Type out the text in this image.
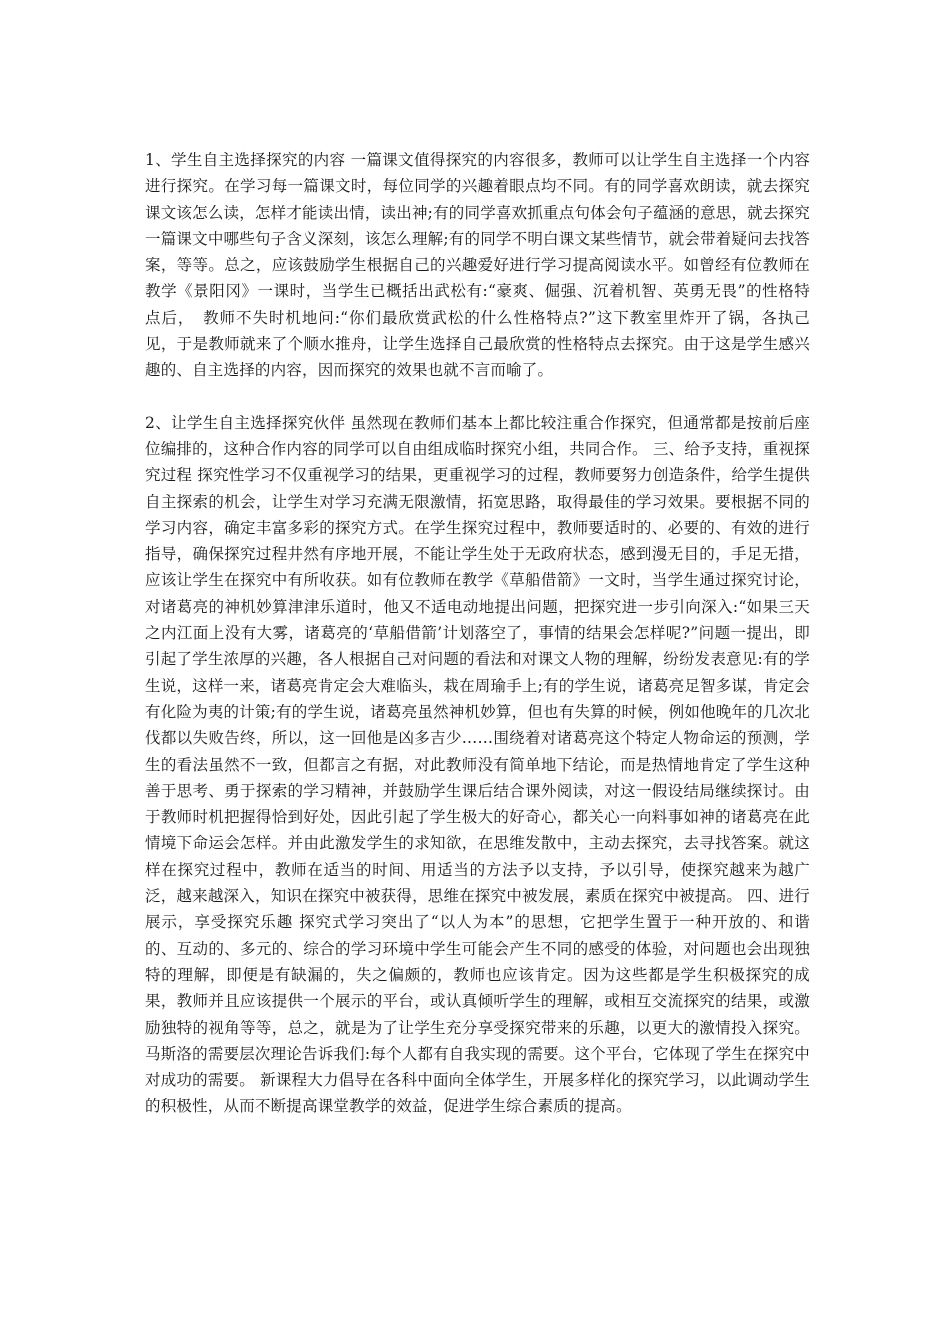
1、学生自主选择探究的内容 一篇课文值得探究的内容很多，教师可以让学生自主选择一个内容进行探究。在学习每一篇课文时，每位同学的兴趣着眼点均不同。有的同学喜欢朗读，就去探究课文该怎么读，怎样才能读出情，读出神;有的同学喜欢抓重点句体会句子蕴涵的意思，就去探究一篇课文中哪些句子含义深刻，该怎么理解;有的同学不明白课文某些情节，就会带着疑问去找答案，等等。总之，应该鼓励学生根据自己的兴趣爱好进行学习提高阅读水平。如曾经有位教师在教学《景阳冈》一课时，当学生已概括出武松有:“豪爽、倔强、沉着机智、英勇无畏”的性格特点后，　教师不失时机地问:“你们最欣赏武松的什么性格特点?”这下教室里炸开了锅，各执己见，于是教师就来了个顺水推舟，让学生选择自己最欣赏的性格特点去探究。由于这是学生感兴趣的、自主选择的内容，因而探究的效果也就不言而喻了。

2、让学生自主选择探究伙伴 虽然现在教师们基本上都比较注重合作探究，但通常都是按前后座位编排的，这种合作内容的同学可以自由组成临时探究小组，共同合作。 三、给予支持，重视探究过程 探究性学习不仅重视学习的结果，更重视学习的过程，教师要努力创造条件，给学生提供自主探索的机会，让学生对学习充满无限激情，拓宽思路，取得最佳的学习效果。要根据不同的学习内容，确定丰富多彩的探究方式。在学生探究过程中，教师要适时的、必要的、有效的进行指导，确保探究过程井然有序地开展，不能让学生处于无政府状态，感到漫无目的，手足无措，应该让学生在探究中有所收获。如有位教师在教学《草船借箭》一文时，当学生通过探究讨论，对诸葛亮的神机妙算津津乐道时，他又不适电动地提出问题，把探究进一步引向深入:“如果三天之内江面上没有大雾，诸葛亮的‘草船借箭’计划落空了，事情的结果会怎样呢?”问题一提出，即引起了学生浓厚的兴趣，各人根据自己对问题的看法和对课文人物的理解，纷纷发表意见:有的学生说，这样一来，诸葛亮肯定会大难临头，栽在周瑜手上;有的学生说，诸葛亮足智多谋，肯定会有化险为夷的计策;有的学生说，诸葛亮虽然神机妙算，但也有失算的时候，例如他晚年的几次北伐都以失败告终，所以，这一回他是凶多吉少……围绕着对诸葛亮这个特定人物命运的预测，学生的看法虽然不一致，但都言之有据，对此教师没有简单地下结论，而是热情地肯定了学生这种善于思考、勇于探索的学习精神，并鼓励学生课后结合课外阅读，对这一假设结局继续探讨。由于教师时机把握得恰到好处，因此引起了学生极大的好奇心，都关心一向料事如神的诸葛亮在此情境下命运会怎样。并由此激发学生的求知欲，在思维发散中，主动去探究，去寻找答案。就这样在探究过程中，教师在适当的时间、用适当的方法予以支持，予以引导，使探究越来为越广泛，越来越深入，知识在探究中被获得，思维在探究中被发展，素质在探究中被提高。 四、进行展示，享受探究乐趣 探究式学习突出了“以人为本”的思想，它把学生置于一种开放的、和谐的、互动的、多元的、综合的学习环境中学生可能会产生不同的感受的体验，对问题也会出现独特的理解，即便是有缺漏的，失之偏颇的，教师也应该肯定。因为这些都是学生积极探究的成果，教师并且应该提供一个展示的平台，或认真倾听学生的理解，或相互交流探究的结果，或激励独特的视角等等，总之，就是为了让学生充分享受探究带来的乐趣，以更大的激情投入探究。马斯洛的需要层次理论告诉我们:每个人都有自我实现的需要。这个平台，它体现了学生在探究中对成功的需要。 新课程大力倡导在各科中面向全体学生，开展多样化的探究学习，以此调动学生的积极性，从而不断提高课堂教学的效益，促进学生综合素质的提高。
